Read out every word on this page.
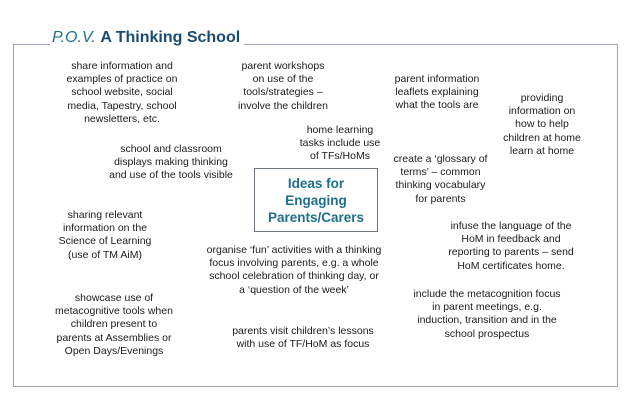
P.O.V. A Thinking School
Ideas for
Engaging
Parents/Carers
share information and
examples of practice on
school website, social
media, Tapestry, school
newsletters, etc.
parent workshops
on use of the
tools/strategies –
involve the children
parent information
leaflets explaining
what the tools are
providing
information on
how to help
children at home
learn at home
home learning
tasks include use
of TFs/HoMs
school and classroom
displays making thinking
and use of the tools visible
create a ‘glossary of
terms’ – common
thinking vocabulary
for parents
sharing relevant
information on the
Science of Learning
(use of TM AiM)
infuse the language of the
HoM in feedback and
reporting to parents – send
HoM certificates home.
organise ‘fun’ activities with a thinking
focus involving parents, e.g. a whole
school celebration of thinking day, or
a ‘question of the week’	include the metacognition focus
in parent meetings, e.g.
induction, transition and in the
school prospectus
showcase use of
metacognitive tools when
children present to
parents at Assemblies or
Open Days/Evenings
parents visit children’s lessons
with use of TF/HoM as focus
